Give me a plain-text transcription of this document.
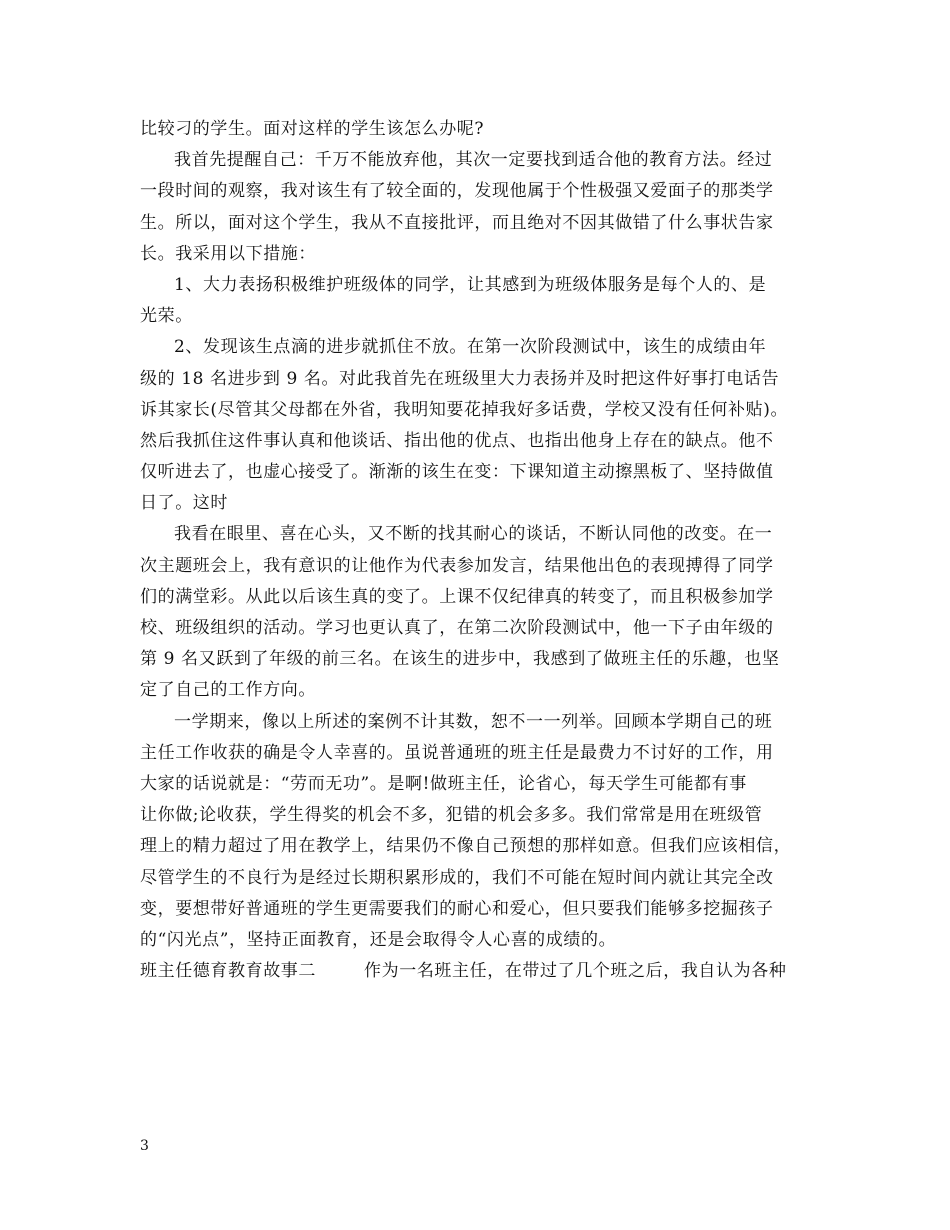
比较刁的学生。面对这样的学生该怎么办呢?
我首先提醒自己：千万不能放弃他，其次一定要找到适合他的教育方法。经过
一段时间的观察，我对该生有了较全面的，发现他属于个性极强又爱面子的那类学
生。所以，面对这个学生，我从不直接批评，而且绝对不因其做错了什么事状告家
长。我采用以下措施：
1、大力表扬积极维护班级体的同学，让其感到为班级体服务是每个人的、是
光荣。
2、发现该生点滴的进步就抓住不放。在第一次阶段测试中，该生的成绩由年
级的 18 名进步到 9 名。对此我首先在班级里大力表扬并及时把这件好事打电话告
诉其家长(尽管其父母都在外省，我明知要花掉我好多话费，学校又没有任何补贴)。
然后我抓住这件事认真和他谈话、指出他的优点、也指出他身上存在的缺点。他不
仅听进去了，也虚心接受了。渐渐的该生在变：下课知道主动擦黑板了、坚持做值
日了。这时
我看在眼里、喜在心头，又不断的找其耐心的谈话，不断认同他的改变。在一
次主题班会上，我有意识的让他作为代表参加发言，结果他出色的表现搏得了同学
们的满堂彩。从此以后该生真的变了。上课不仅纪律真的转变了，而且积极参加学
校、班级组织的活动。学习也更认真了，在第二次阶段测试中，他一下子由年级的
第 9 名又跃到了年级的前三名。在该生的进步中，我感到了做班主任的乐趣，也坚
定了自己的工作方向。
一学期来，像以上所述的案例不计其数，恕不一一列举。回顾本学期自己的班
主任工作收获的确是令人幸喜的。虽说普通班的班主任是最费力不讨好的工作，用
大家的话说就是：“劳而无功”。是啊!做班主任，论省心，每天学生可能都有事
让你做;论收获，学生得奖的机会不多，犯错的机会多多。我们常常是用在班级管
理上的精力超过了用在教学上，结果仍不像自己预想的那样如意。但我们应该相信，
尽管学生的不良行为是经过长期积累形成的，我们不可能在短时间内就让其完全改
变，要想带好普通班的学生更需要我们的耐心和爱心，但只要我们能够多挖掘孩子
的“闪光点”，坚持正面教育，还是会取得令人心喜的成绩的。
班主任德育教育故事二        作为一名班主任，在带过了几个班之后，我自认为各种
3
